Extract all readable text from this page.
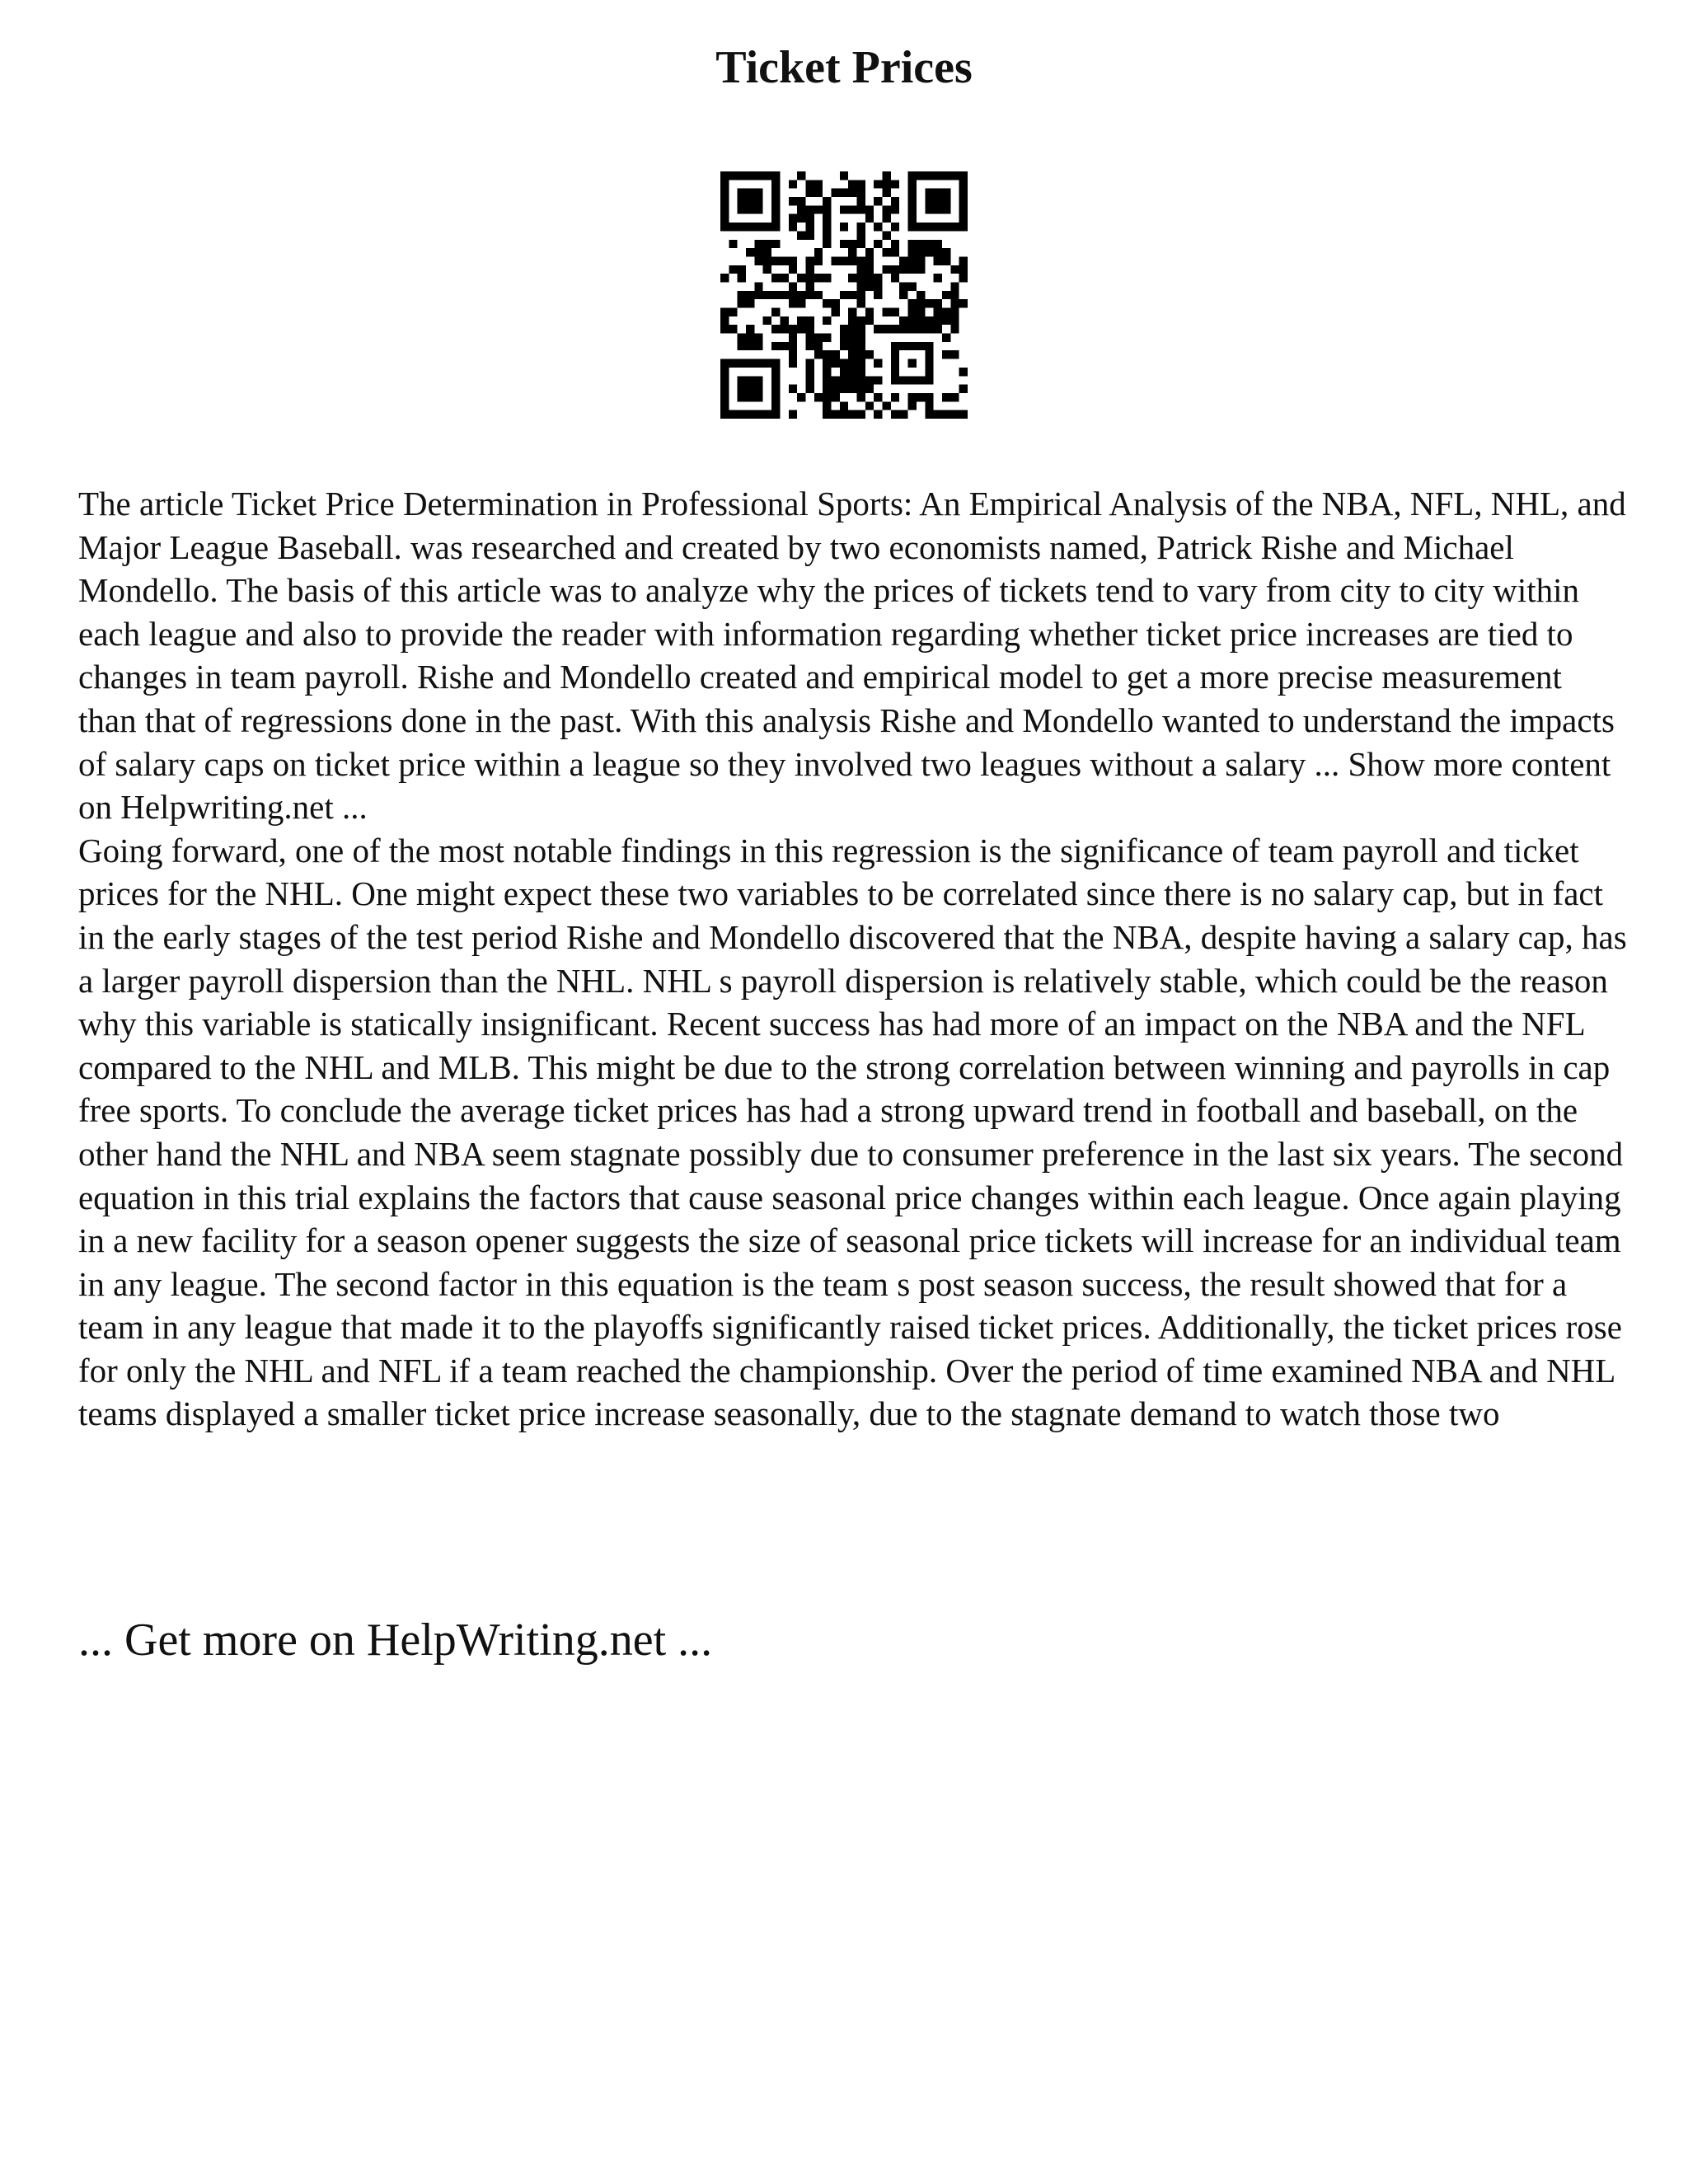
Ticket Prices

The article Ticket Price Determination in Professional Sports: An Empirical Analysis of the NBA, NFL, NHL, and Major League Baseball. was researched and created by two economists named, Patrick Rishe and Michael Mondello. The basis of this article was to analyze why the prices of tickets tend to vary from city to city within each league and also to provide the reader with information regarding whether ticket price increases are tied to changes in team payroll. Rishe and Mondello created and empirical model to get a more precise measurement than that of regressions done in the past. With this analysis Rishe and Mondello wanted to understand the impacts of salary caps on ticket price within a league so they involved two leagues without a salary ... Show more content on Helpwriting.net ...

Going forward, one of the most notable findings in this regression is the significance of team payroll and ticket prices for the NHL. One might expect these two variables to be correlated since there is no salary cap, but in fact in the early stages of the test period Rishe and Mondello discovered that the NBA, despite having a salary cap, has a larger payroll dispersion than the NHL. NHL s payroll dispersion is relatively stable, which could be the reason why this variable is statically insignificant. Recent success has had more of an impact on the NBA and the NFL compared to the NHL and MLB. This might be due to the strong correlation between winning and payrolls in cap free sports. To conclude the average ticket prices has had a strong upward trend in football and baseball, on the other hand the NHL and NBA seem stagnate possibly due to consumer preference in the last six years. The second equation in this trial explains the factors that cause seasonal price changes within each league. Once again playing in a new facility for a season opener suggests the size of seasonal price tickets will increase for an individual team in any league. The second factor in this equation is the team s post season success, the result showed that for a team in any league that made it to the playoffs significantly raised ticket prices. Additionally, the ticket prices rose for only the NHL and NFL if a team reached the championship. Over the period of time examined NBA and NHL teams displayed a smaller ticket price increase seasonally, due to the stagnate demand to watch those two

... Get more on HelpWriting.net ...
